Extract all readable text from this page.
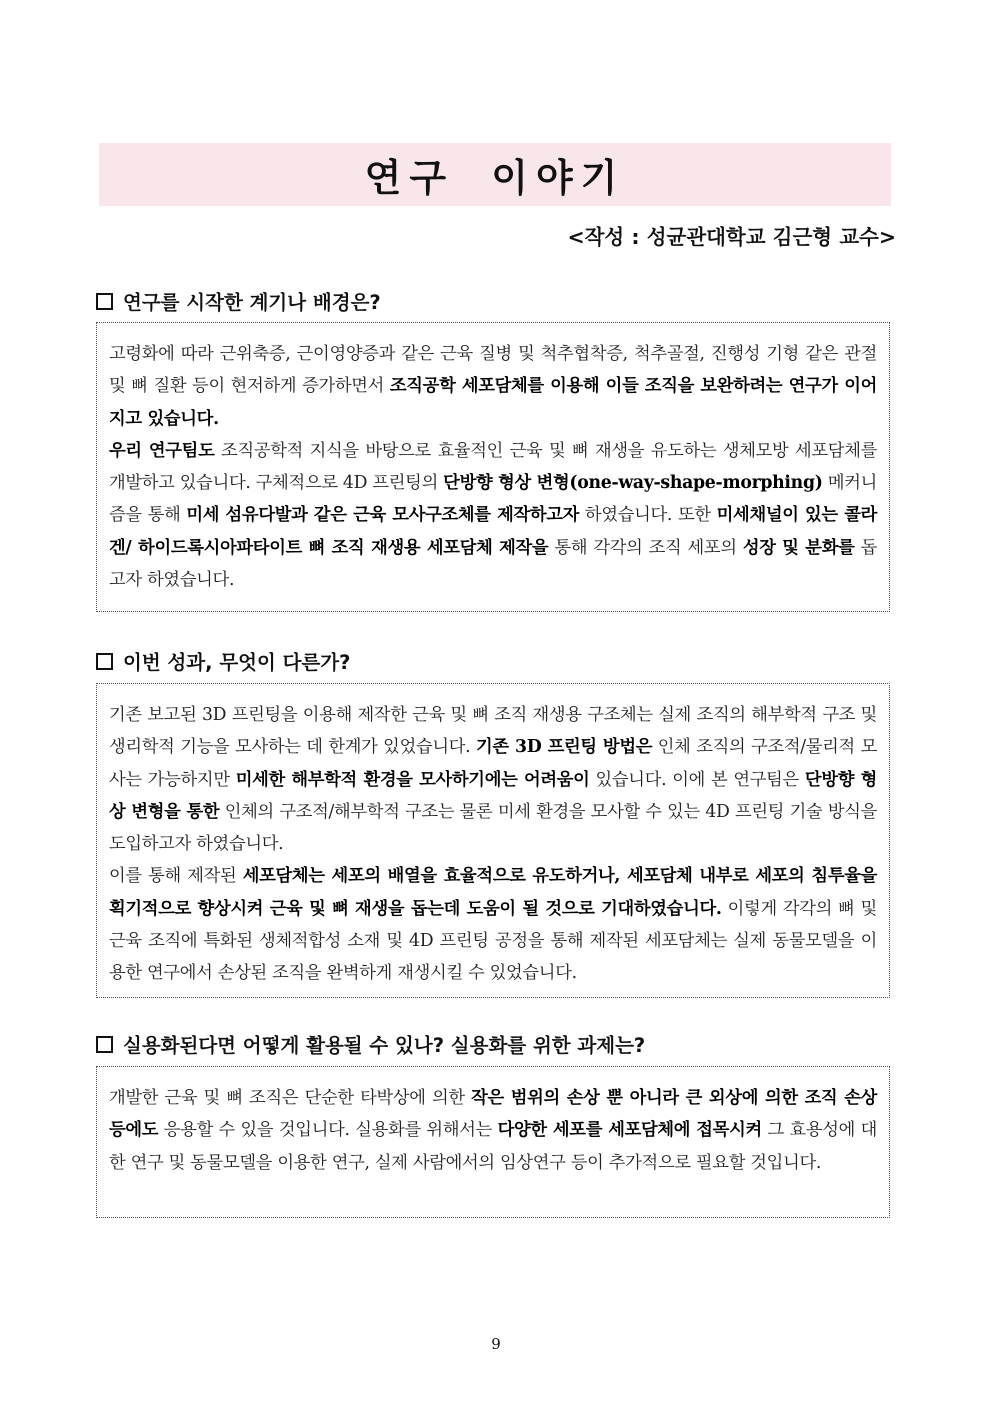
연구 이야기
<작성 : 성균관대학교 김근형 교수>
연구를 시작한 계기나 배경은?

고령화에 따라 근위축증, 근이영양증과 같은 근육 질병 및 척추협착증, 척추골절, 진행성 기형 같은 관절 및 뼈 질환 등이 현저하게 증가하면서 조직공학 세포담체를 이용해 이들 조직을 보완하려는 연구가 이어지고 있습니다.

우리 연구팀도 조직공학적 지식을 바탕으로 효율적인 근육 및 뼈 재생을 유도하는 생체모방 세포담체를 개발하고 있습니다. 구체적으로 4D 프린팅의 단방향 형상 변형(one-way-shape-morphing) 메커니즘을 통해 미세 섬유다발과 같은 근육 모사구조체를 제작하고자 하였습니다. 또한 미세채널이 있는 콜라겐/ 하이드록시아파타이트 뼈 조직 재생용 세포담체 제작을 통해 각각의 조직 세포의 성장 및 분화를 돕고자 하였습니다.

이번 성과, 무엇이 다른가?

기존 보고된 3D 프린팅을 이용해 제작한 근육 및 뼈 조직 재생용 구조체는 실제 조직의 해부학적 구조 및 생리학적 기능을 모사하는 데 한계가 있었습니다. 기존 3D 프린팅 방법은 인체 조직의 구조적/물리적 모사는 가능하지만 미세한 해부학적 환경을 모사하기에는 어려움이 있습니다. 이에 본 연구팀은 단방향 형상 변형을 통한 인체의 구조적/해부학적 구조는 물론 미세 환경을 모사할 수 있는 4D 프린팅 기술 방식을 도입하고자 하였습니다.

이를 통해 제작된 세포담체는 세포의 배열을 효율적으로 유도하거나, 세포담체 내부로 세포의 침투율을 획기적으로 향상시켜 근육 및 뼈 재생을 돕는데 도움이 될 것으로 기대하였습니다. 이렇게 각각의 뼈 및 근육 조직에 특화된 생체적합성 소재 및 4D 프린팅 공정을 통해 제작된 세포담체는 실제 동물모델을 이용한 연구에서 손상된 조직을 완벽하게 재생시킬 수 있었습니다.

실용화된다면 어떻게 활용될 수 있나? 실용화를 위한 과제는?

개발한 근육 및 뼈 조직은 단순한 타박상에 의한 작은 범위의 손상 뿐 아니라 큰 외상에 의한 조직 손상 등에도 응용할 수 있을 것입니다. 실용화를 위해서는 다양한 세포를 세포담체에 접목시켜 그 효용성에 대한 연구 및 동물모델을 이용한 연구, 실제 사람에서의 임상연구 등이 추가적으로 필요할 것입니다.

9
